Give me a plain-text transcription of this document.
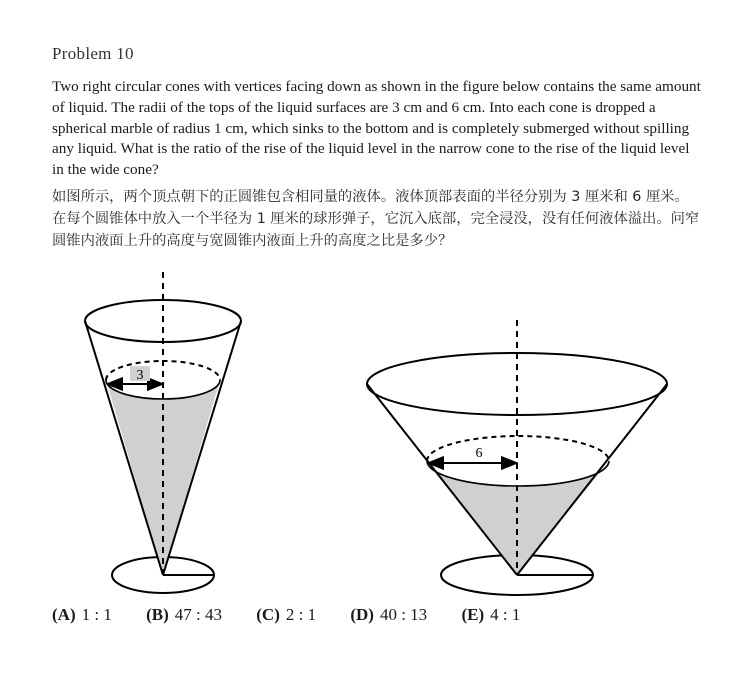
Problem 10
Two right circular cones with vertices facing down as shown in the figure below contains the same amount of liquid. The radii of the tops of the liquid surfaces are 3 cm and 6 cm. Into each cone is dropped a spherical marble of radius 1 cm, which sinks to the bottom and is completely submerged without spilling any liquid. What is the ratio of the rise of the liquid level in the narrow cone to the rise of the liquid level in the wide cone?
如图所示，两个顶点朝下的正圆锥包含相同量的液体。液体顶部表面的半径分别为 3 厘米和 6 厘米。在每个圆锥体中放入一个半径为 1 厘米的球形弹子，它沉入底部，完全浸没，没有任何液体溢出。问窄圆锥内液面上升的高度与宽圆锥内液面上升的高度之比是多少？
3
6
(A) 1 : 1 (B) 47 : 43 (C) 2 : 1 (D) 40 : 13 (E) 4 : 1
